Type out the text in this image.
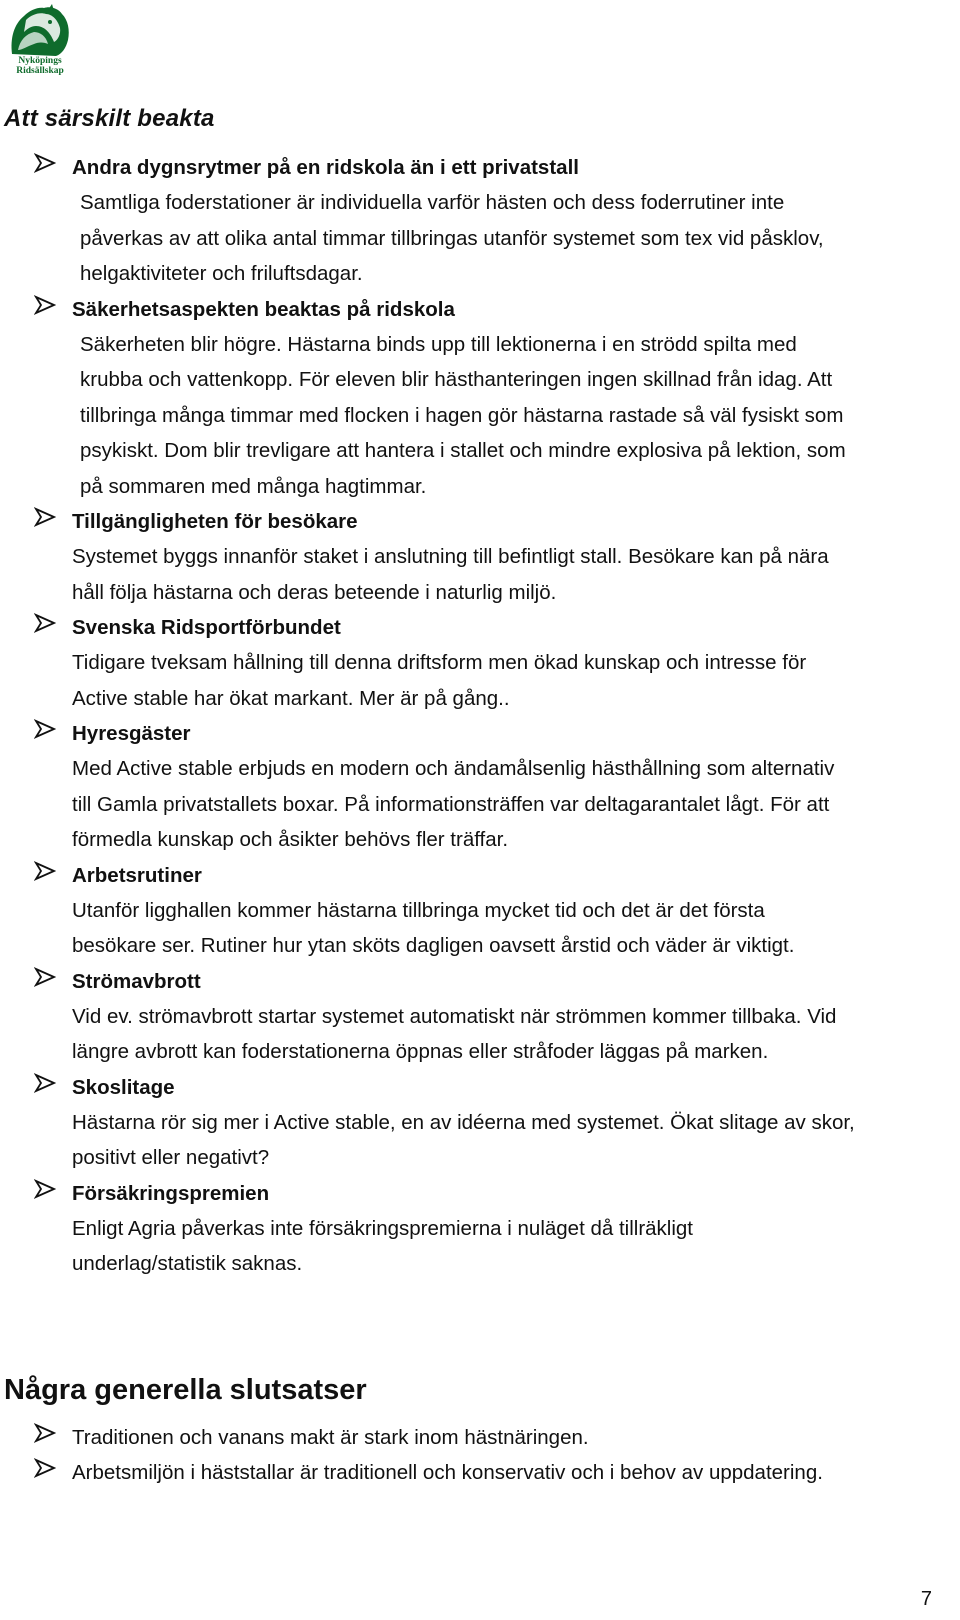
Nyköpings
Ridsällskap
Att särskilt beakta
Andra dygnsrytmer på en ridskola än i ett privatstall
Samtliga foderstationer är individuella varför hästen och dess foderrutiner inte
påverkas av att olika antal timmar tillbringas utanför systemet som tex vid påsklov,
helgaktiviteter och friluftsdagar.
Säkerhetsaspekten beaktas på ridskola
Säkerheten blir högre. Hästarna binds upp till lektionerna i en strödd spilta med
krubba och vattenkopp. För eleven blir hästhanteringen ingen skillnad från idag. Att
tillbringa många timmar med flocken i hagen gör hästarna rastade så väl fysiskt som
psykiskt. Dom blir trevligare att hantera i stallet och mindre explosiva på lektion, som
på sommaren med många hagtimmar.
Tillgängligheten för besökare
Systemet byggs innanför staket i anslutning till befintligt stall. Besökare kan på nära
håll följa hästarna och deras beteende i naturlig miljö.
Svenska Ridsportförbundet
Tidigare tveksam hållning till denna driftsform men ökad kunskap och intresse för
Active stable har ökat markant. Mer är på gång..
Hyresgäster
Med Active stable erbjuds en modern och ändamålsenlig hästhållning som alternativ
till Gamla privatstallets boxar. På informationsträffen var deltagarantalet lågt. För att
förmedla kunskap och åsikter behövs fler träffar.
Arbetsrutiner
Utanför ligghallen kommer hästarna tillbringa mycket tid och det är det första
besökare ser. Rutiner hur ytan sköts dagligen oavsett årstid och väder är viktigt.
Strömavbrott
Vid ev. strömavbrott startar systemet automatiskt när strömmen kommer tillbaka. Vid
längre avbrott kan foderstationerna öppnas eller stråfoder läggas på marken.
Skoslitage
Hästarna rör sig mer i Active stable, en av idéerna med systemet. Ökat slitage av skor,
positivt eller negativt?
Försäkringspremien
Enligt Agria påverkas inte försäkringspremierna i nuläget då tillräkligt
underlag/statistik saknas.
Några generella slutsatser
Traditionen och vanans makt är stark inom hästnäringen.
Arbetsmiljön i häststallar är traditionell och konservativ och i behov av uppdatering.
7
